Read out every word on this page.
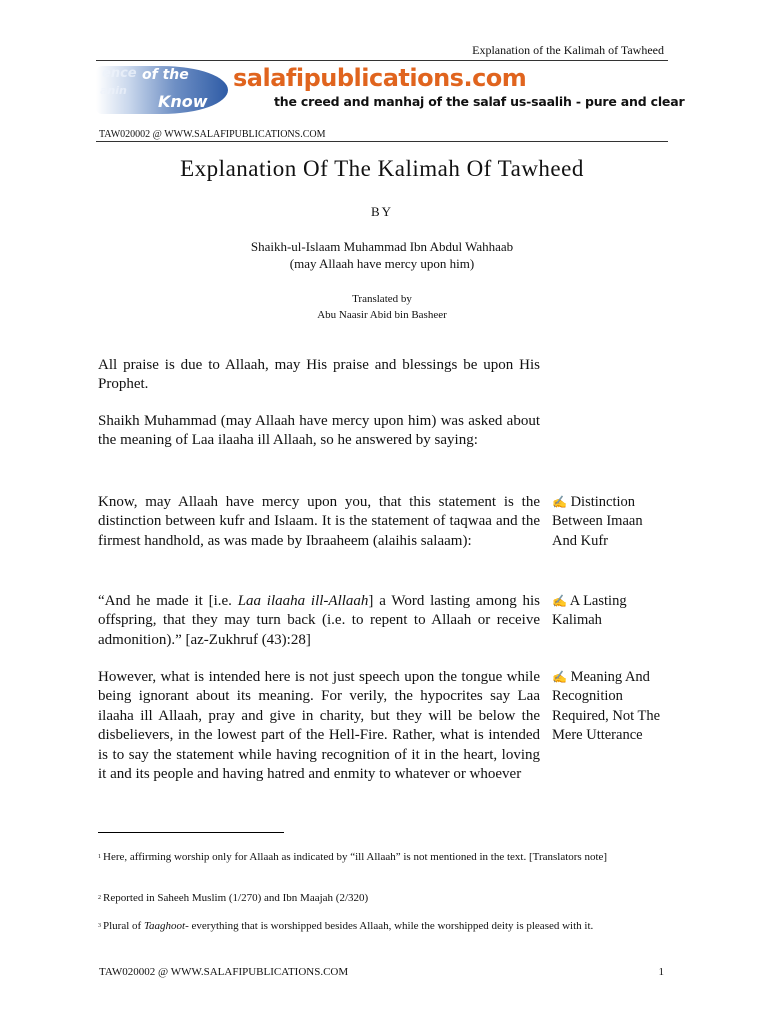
Explanation of the Kalimah of Tawheed
ence of the
anin
Know
salafipublications.com
the creed and manhaj of the salaf us-saalih - pure and clear
TAW020002 @ WWW.SALAFIPUBLICATIONS.COM
Explanation Of The Kalimah Of Tawheed
BY
Shaikh-ul-Islaam Muhammad Ibn Abdul Wahhaab
(may Allaah have mercy upon him)
Translated by
Abu Naasir Abid bin Basheer
All praise is due to Allaah, may His praise and blessings be upon His Prophet.
Shaikh Muhammad (may Allaah have mercy upon him) was asked about the meaning of Laa ilaaha ill Allaah, so he answered by saying:
Know, may Allaah have mercy upon you, that this statement is the distinction between kufr and Islaam. It is the statement of taqwaa and the firmest handhold, as was made by Ibraaheem (alaihis salaam):
“And he made it [i.e. Laa ilaaha ill-Allaah] a Word lasting among his offspring, that they may turn back (i.e. to repent to Allaah or receive admonition).” [az-Zukhruf (43):28]
However, what is intended here is not just speech upon the tongue while being ignorant about its meaning. For verily, the hypocrites say Laa ilaaha ill Allaah, pray and give in charity, but they will be below the disbelievers, in the lowest part of the Hell-Fire. Rather, what is intended is to say the statement while having recognition of it in the heart, loving it and its people and having hatred and enmity to whatever or whoever
✍ Distinction Between Imaan And Kufr
✍ A Lasting Kalimah
✍ Meaning And Recognition Required, Not The Mere Utterance
$^1$ Here, affirming worship only for Allaah as indicated by “ill Allaah” is not mentioned in the text. [Translators note]
$^2$ Reported in Saheeh Muslim (1/270) and Ibn Maajah (2/320)
$^3$ Plural of Taaghoot- everything that is worshipped besides Allaah, while the worshipped deity is pleased with it.
TAW020002 @ WWW.SALAFIPUBLICATIONS.COM	1
